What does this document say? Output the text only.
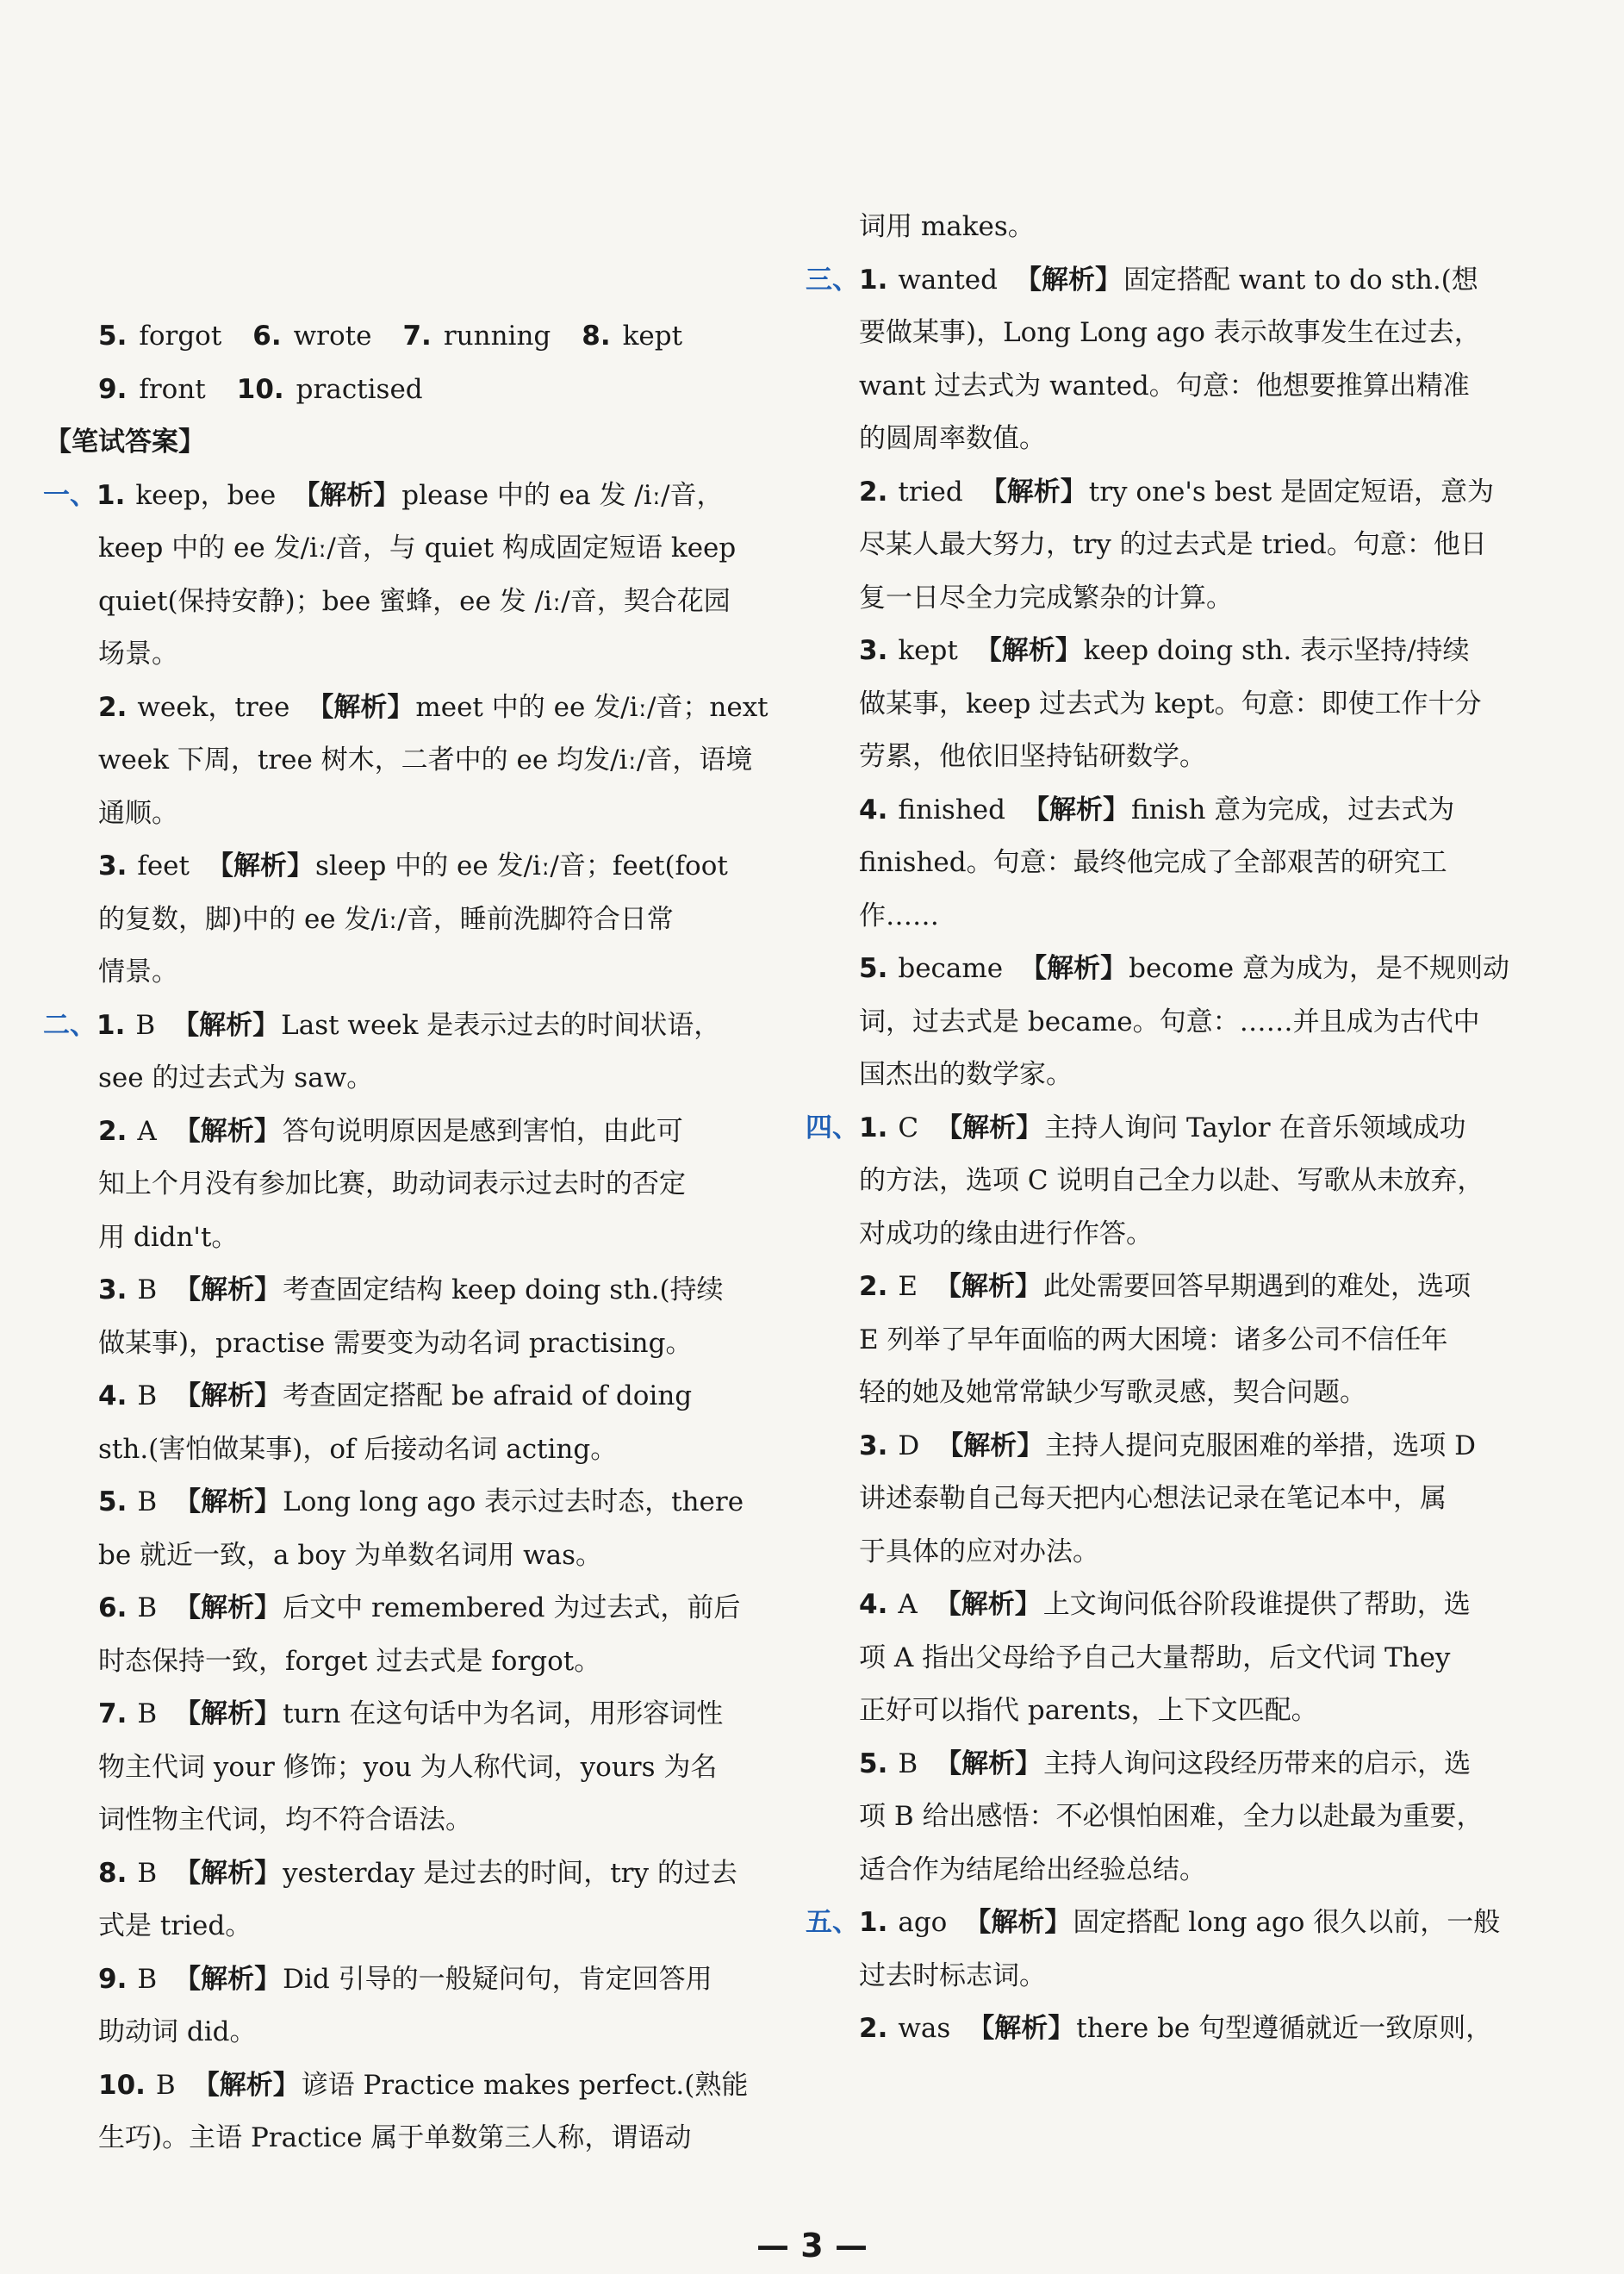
5. forgot 6. wrote 7. running 8. kept
9. front 10. practised
【笔试答案】
一、1. keep，bee 【解析】please 中的 ea 发 /iː/音，
keep 中的 ee 发/iː/音，与 quiet 构成固定短语 keep
quiet(保持安静)；bee 蜜蜂，ee 发 /iː/音，契合花园
场景。
2. week，tree 【解析】meet 中的 ee 发/iː/音；next
week 下周，tree 树木，二者中的 ee 均发/iː/音，语境
通顺。
3. feet 【解析】sleep 中的 ee 发/iː/音；feet(foot
的复数，脚)中的 ee 发/iː/音，睡前洗脚符合日常
情景。
二、1. B 【解析】Last week 是表示过去的时间状语，
see 的过去式为 saw。
2. A 【解析】答句说明原因是感到害怕，由此可
知上个月没有参加比赛，助动词表示过去时的否定
用 didn't。
3. B 【解析】考查固定结构 keep doing sth.(持续
做某事)，practise 需要变为动名词 practising。
4. B 【解析】考查固定搭配 be afraid of doing
sth.(害怕做某事)，of 后接动名词 acting。
5. B 【解析】Long long ago 表示过去时态，there
be 就近一致，a boy 为单数名词用 was。
6. B 【解析】后文中 remembered 为过去式，前后
时态保持一致，forget 过去式是 forgot。
7. B 【解析】turn 在这句话中为名词，用形容词性
物主代词 your 修饰；you 为人称代词，yours 为名
词性物主代词，均不符合语法。
8. B 【解析】yesterday 是过去的时间，try 的过去
式是 tried。
9. B 【解析】Did 引导的一般疑问句，肯定回答用
助动词 did。
10. B 【解析】谚语 Practice makes perfect.(熟能
生巧)。主语 Practice 属于单数第三人称，谓语动
词用 makes。
三、1. wanted 【解析】固定搭配 want to do sth.(想
要做某事)，Long Long ago 表示故事发生在过去，
want 过去式为 wanted。句意：他想要推算出精准
的圆周率数值。
2. tried 【解析】try one's best 是固定短语，意为
尽某人最大努力，try 的过去式是 tried。句意：他日
复一日尽全力完成繁杂的计算。
3. kept 【解析】keep doing sth. 表示坚持/持续
做某事，keep 过去式为 kept。句意：即使工作十分
劳累，他依旧坚持钻研数学。
4. finished 【解析】finish 意为完成，过去式为
finished。句意：最终他完成了全部艰苦的研究工
作……
5. became 【解析】become 意为成为，是不规则动
词，过去式是 became。句意：……并且成为古代中
国杰出的数学家。
四、1. C 【解析】主持人询问 Taylor 在音乐领域成功
的方法，选项 C 说明自己全力以赴、写歌从未放弃，
对成功的缘由进行作答。
2. E 【解析】此处需要回答早期遇到的难处，选项
E 列举了早年面临的两大困境：诸多公司不信任年
轻的她及她常常缺少写歌灵感，契合问题。
3. D 【解析】主持人提问克服困难的举措，选项 D
讲述泰勒自己每天把内心想法记录在笔记本中，属
于具体的应对办法。
4. A 【解析】上文询问低谷阶段谁提供了帮助，选
项 A 指出父母给予自己大量帮助，后文代词 They
正好可以指代 parents，上下文匹配。
5. B 【解析】主持人询问这段经历带来的启示，选
项 B 给出感悟：不必惧怕困难，全力以赴最为重要，
适合作为结尾给出经验总结。
五、1. ago 【解析】固定搭配 long ago 很久以前，一般
过去时标志词。
2. was 【解析】there be 句型遵循就近一致原则，
— 3 —
